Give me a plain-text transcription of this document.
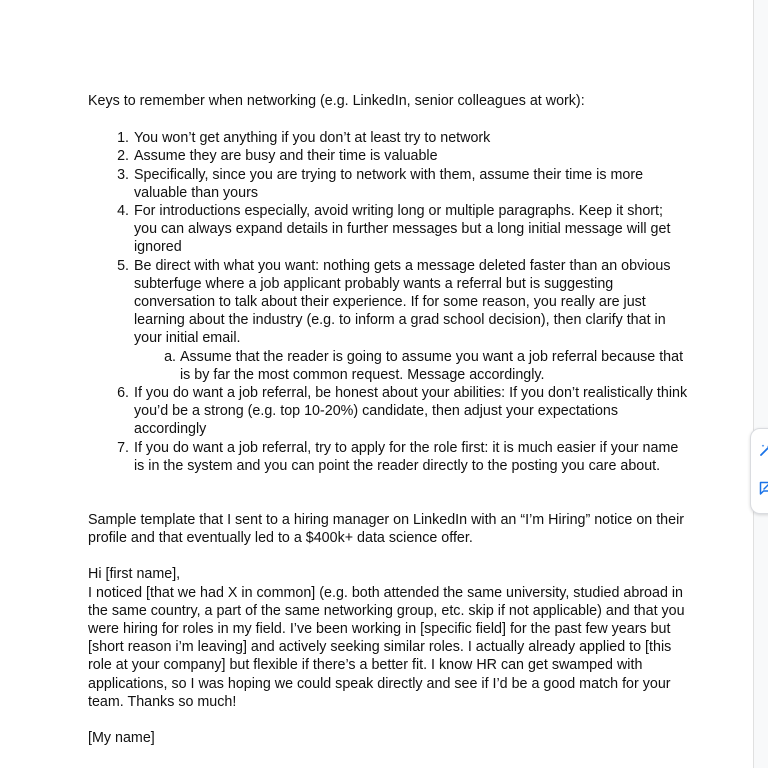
Keys to remember when networking (e.g. LinkedIn, senior colleagues at work):

1. You won’t get anything if you don’t at least try to network
2. Assume they are busy and their time is valuable
3. Specifically, since you are trying to network with them, assume their time is more valuable than yours
4. For introductions especially, avoid writing long or multiple paragraphs. Keep it short; you can always expand details in further messages but a long initial message will get ignored
5. Be direct with what you want: nothing gets a message deleted faster than an obvious subterfuge where a job applicant probably wants a referral but is suggesting conversation to talk about their experience. If for some reason, you really are just learning about the industry (e.g. to inform a grad school decision), then clarify that in your initial email.
a. Assume that the reader is going to assume you want a job referral because that is by far the most common request. Message accordingly.
6. If you do want a job referral, be honest about your abilities: If you don’t realistically think you’d be a strong (e.g. top 10-20%) candidate, then adjust your expectations accordingly
7. If you do want a job referral, try to apply for the role first: it is much easier if your name is in the system and you can point the reader directly to the posting you care about.

Sample template that I sent to a hiring manager on LinkedIn with an “I’m Hiring” notice on their profile and that eventually led to a $400k+ data science offer.

Hi [first name],

I noticed [that we had X in common] (e.g. both attended the same university, studied abroad in the same country, a part of the same networking group, etc. skip if not applicable) and that you were hiring for roles in my field. I’ve been working in [specific field] for the past few years but [short reason i’m leaving] and actively seeking similar roles. I actually already applied to [this role at your company] but flexible if there’s a better fit. I know HR can get swamped with applications, so I was hoping we could speak directly and see if I’d be a good match for your team. Thanks so much!

[My name]
